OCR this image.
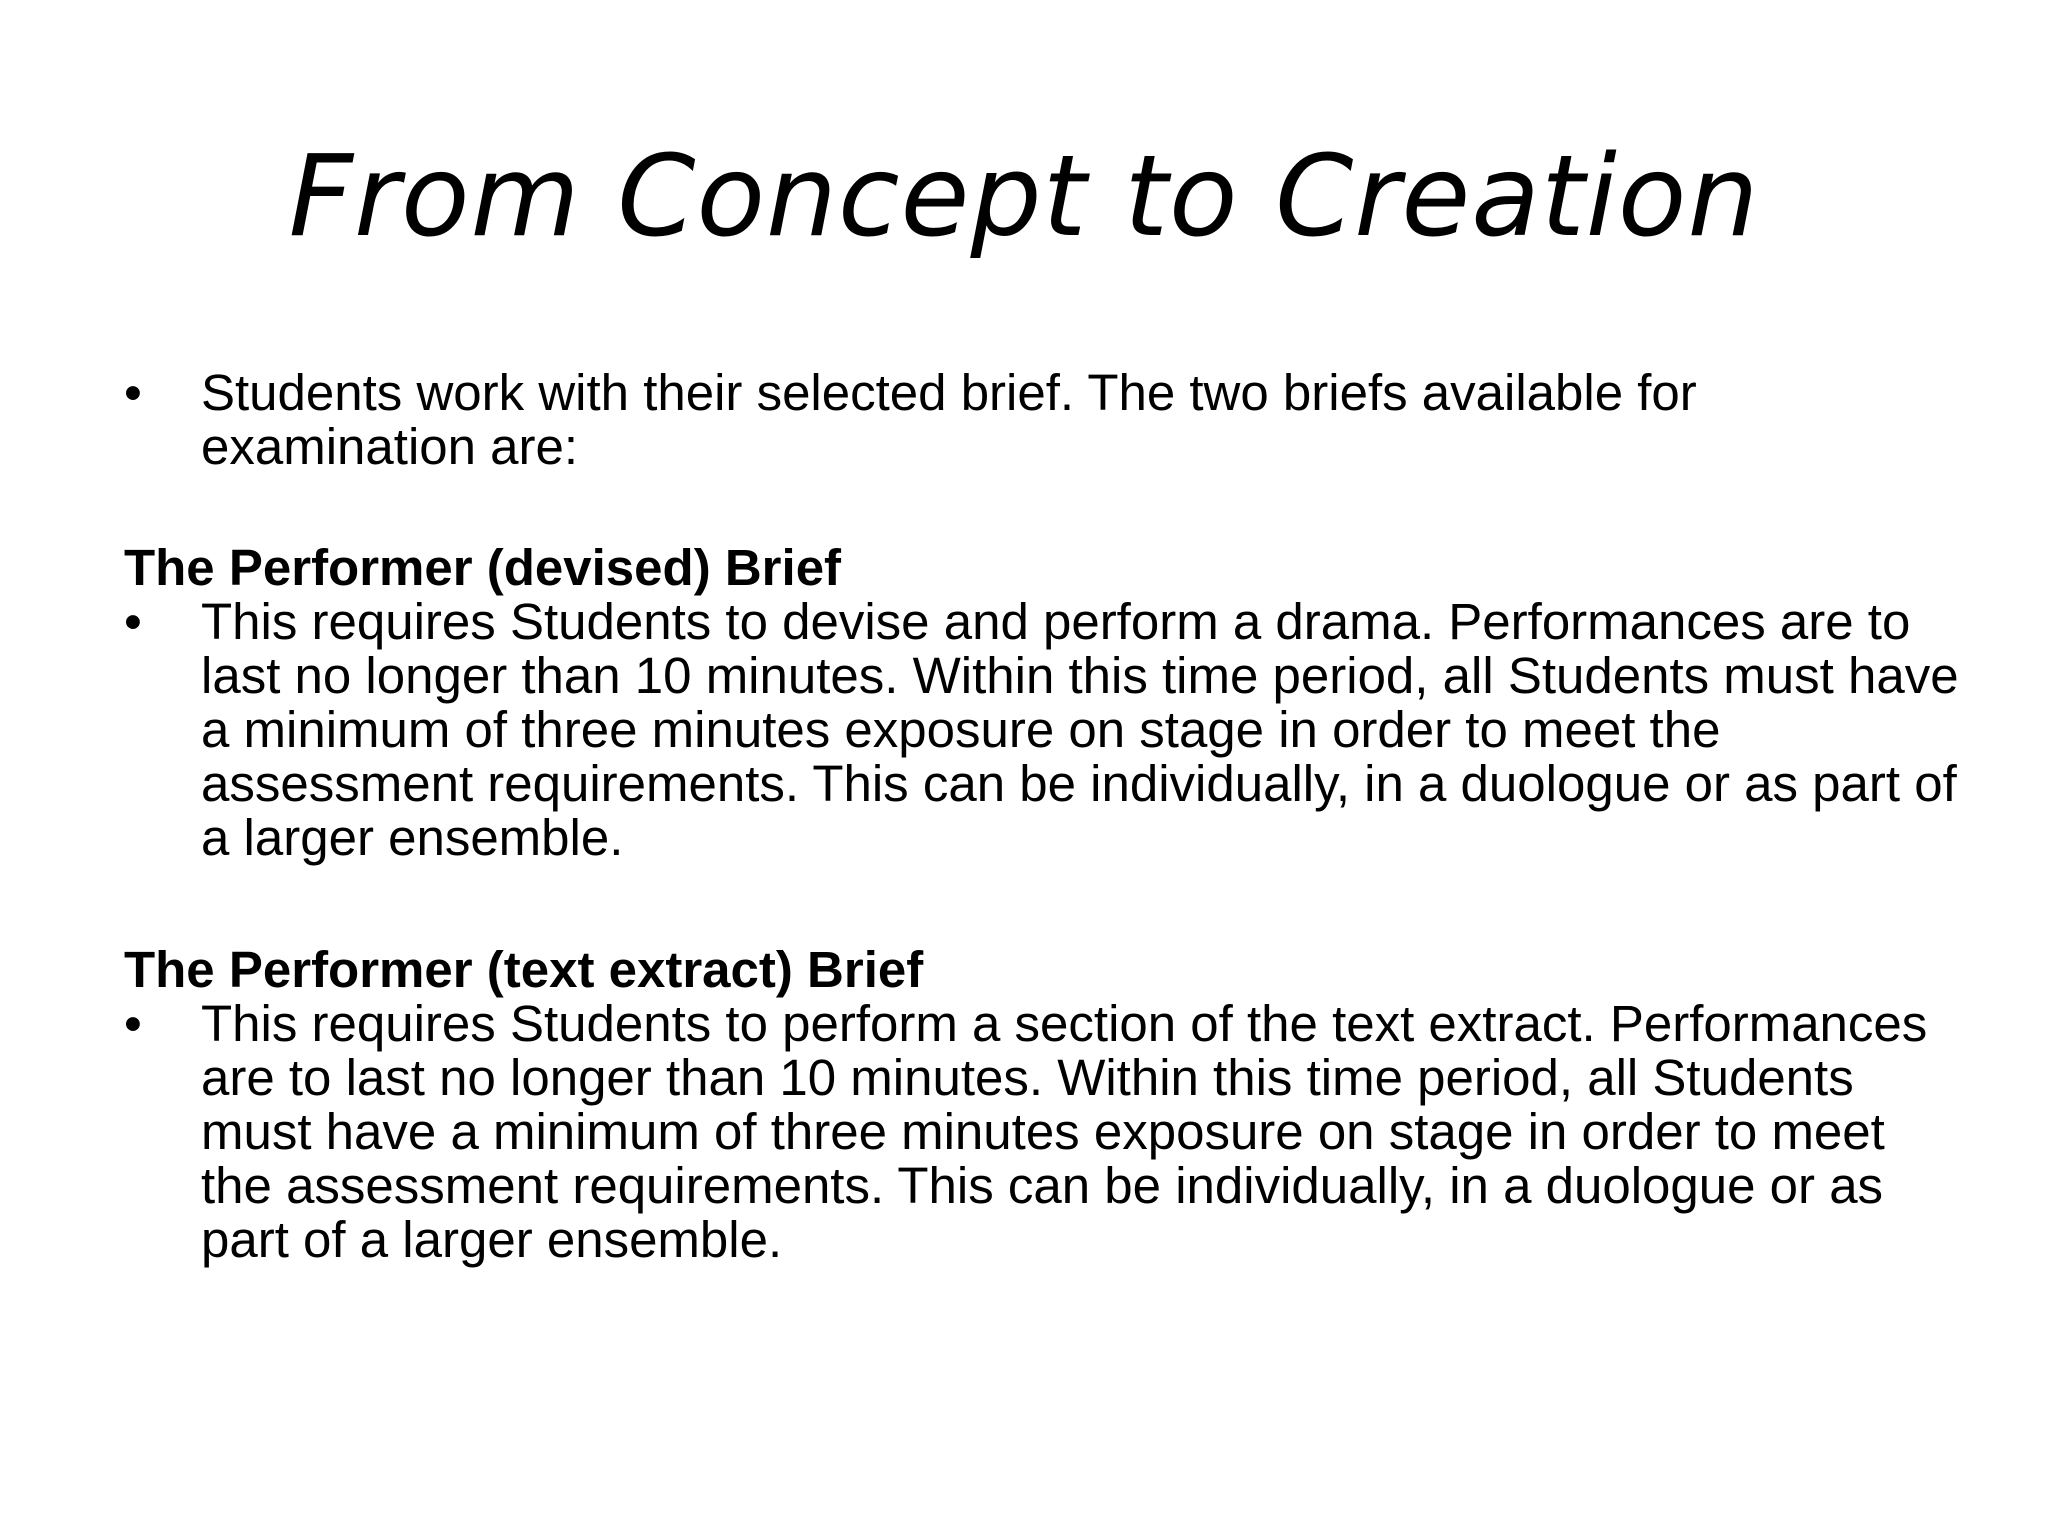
From Concept to Creation
•	Students work with their selected brief. The two briefs available for examination are:
The Performer (devised) Brief
•	This requires Students to devise and perform a drama. Performances are to last no longer than 10 minutes. Within this time period, all Students must have a minimum of three minutes exposure on stage in order to meet the assessment requirements. This can be individually, in a duologue or as part of a larger ensemble.
The Performer (text extract) Brief
•	This requires Students to perform a section of the text extract. Performances are to last no longer than 10 minutes. Within this time period, all Students must have a minimum of three minutes exposure on stage in order to meet the assessment requirements. This can be individually, in a duologue or as part of a larger ensemble.
